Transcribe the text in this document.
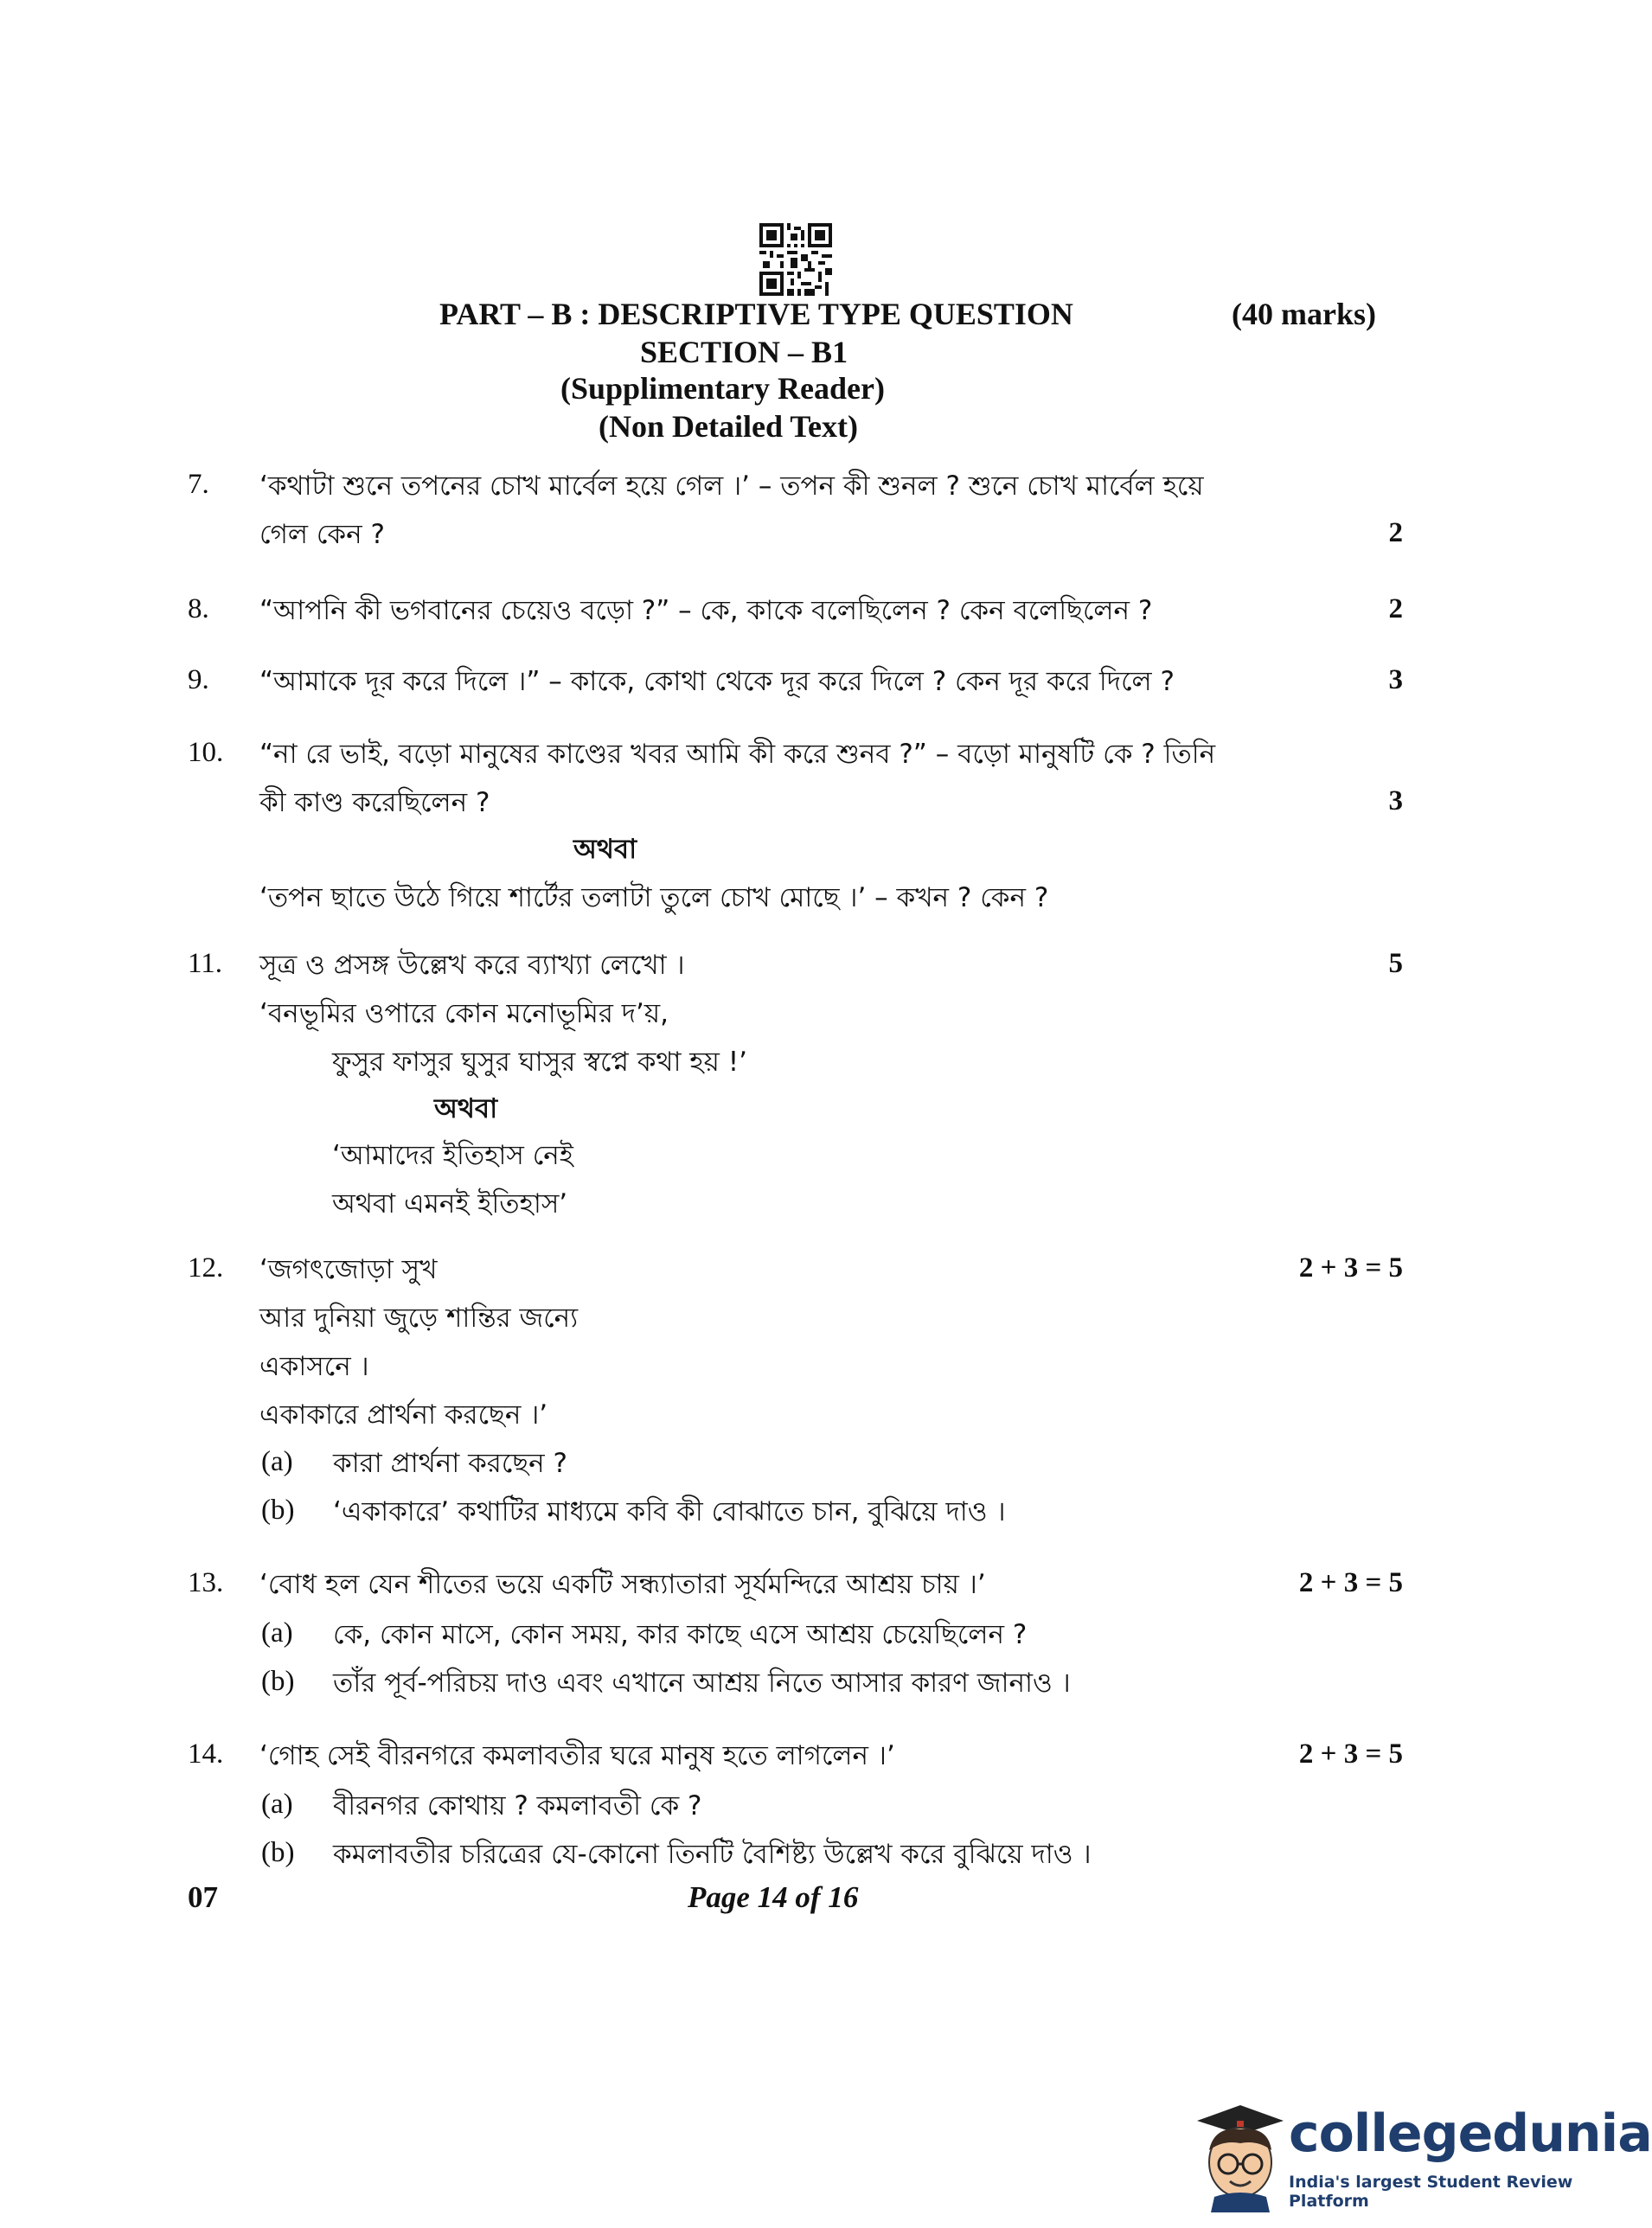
PART – B : DESCRIPTIVE TYPE QUESTION	(40 marks)
SECTION – B1
(Supplimentary Reader)
(Non Detailed Text)
7. ‘কথাটা শুনে তপনের চোখ মার্বেল হয়ে গেল ।’ – তপন কী শুনল ? শুনে চোখ মার্বেল হয়ে
গেল কেন ?	2
8. “আপনি কী ভগবানের চেয়েও বড়ো ?” – কে, কাকে বলেছিলেন ? কেন বলেছিলেন ?	2
9. “আমাকে দূর করে দিলে ।” – কাকে, কোথা থেকে দূর করে দিলে ? কেন দূর করে দিলে ?	3
10. “না রে ভাই, বড়ো মানুষের কাণ্ডের খবর আমি কী করে শুনব ?” – বড়ো মানুষটি কে ? তিনি
কী কাণ্ড করেছিলেন ?	3
অথবা
‘তপন ছাতে উঠে গিয়ে শার্টের তলাটা তুলে চোখ মোছে ।’ – কখন ? কেন ?
11. সূত্র ও প্রসঙ্গ উল্লেখ করে ব্যাখ্যা লেখো ।	5
‘বনভূমির ওপারে কোন মনোভূমির দ’য়,
ফুসুর ফাসুর ঘুসুর ঘাসুর স্বপ্নে কথা হয় !’
অথবা
‘আমাদের ইতিহাস নেই
অথবা এমনই ইতিহাস’
12. ‘জগৎজোড়া সুখ	2 + 3 = 5
আর দুনিয়া জুড়ে শান্তির জন্যে
একাসনে ।
একাকারে প্রার্থনা করছেন ।’
(a) কারা প্রার্থনা করছেন ?
(b) ‘একাকারে’ কথাটির মাধ্যমে কবি কী বোঝাতে চান, বুঝিয়ে দাও ।
13. ‘বোধ হল যেন শীতের ভয়ে একটি সন্ধ্যাতারা সূর্যমন্দিরে আশ্রয় চায় ।’	2 + 3 = 5
(a) কে, কোন মাসে, কোন সময়, কার কাছে এসে আশ্রয় চেয়েছিলেন ?
(b) তাঁর পূর্ব-পরিচয় দাও এবং এখানে আশ্রয় নিতে আসার কারণ জানাও ।
14. ‘গোহ সেই বীরনগরে কমলাবতীর ঘরে মানুষ হতে লাগলেন ।’	2 + 3 = 5
(a) বীরনগর কোথায় ? কমলাবতী কে ?
(b) কমলাবতীর চরিত্রের যে-কোনো তিনটি বৈশিষ্ট্য উল্লেখ করে বুঝিয়ে দাও ।
07	Page 14 of 16
collegedunia
India's largest Student Review Platform
